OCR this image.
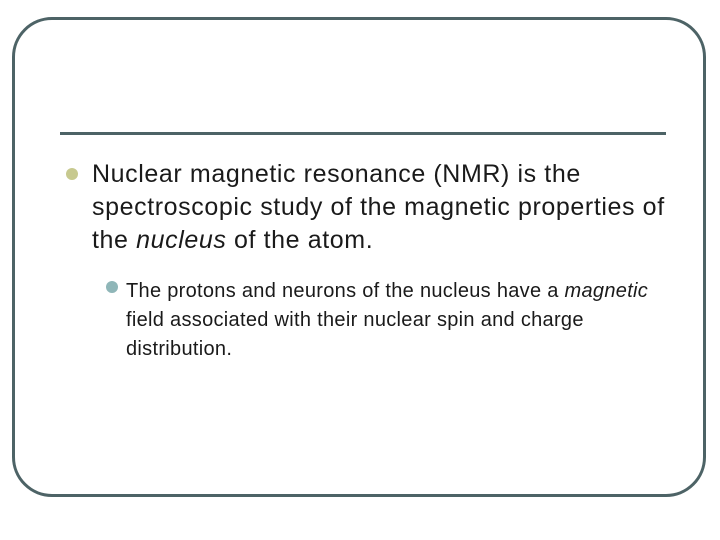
Nuclear magnetic resonance (NMR) is the spectroscopic study of the magnetic properties of the nucleus of the atom.

The protons and neurons of the nucleus have a magnetic field associated with their nuclear spin and charge distribution.
